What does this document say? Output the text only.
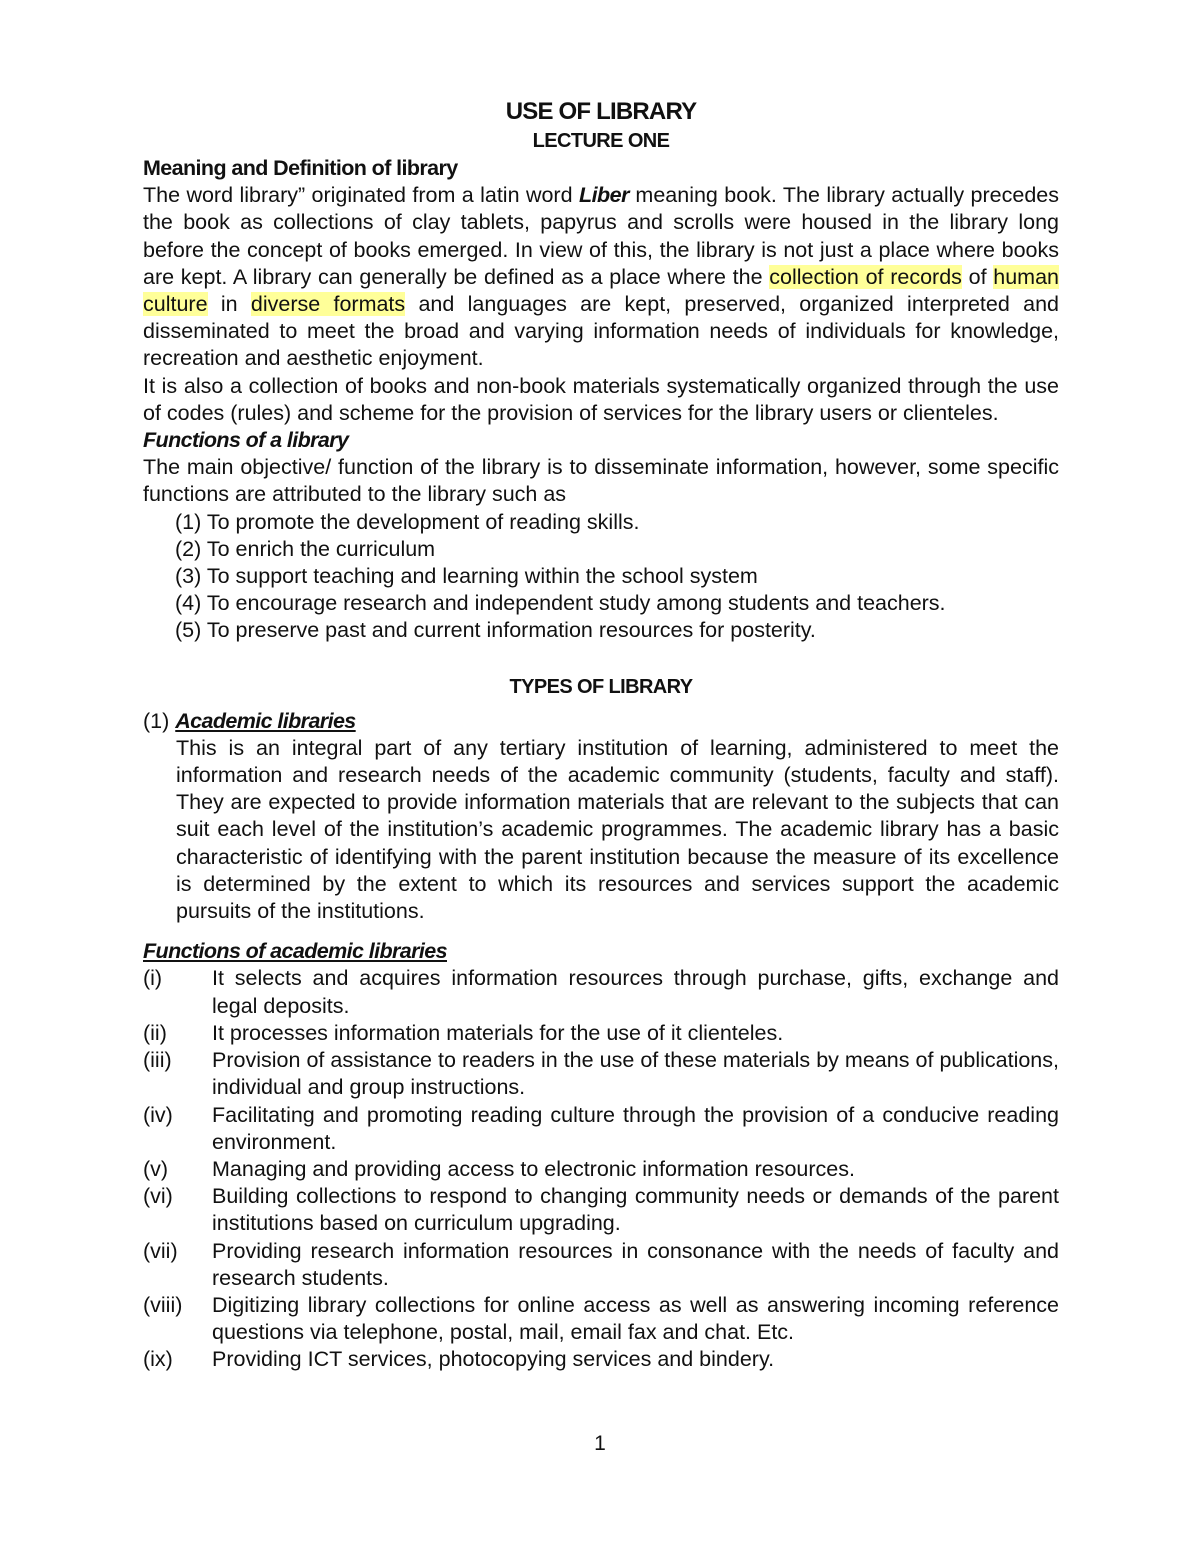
USE OF LIBRARY
LECTURE ONE
Meaning and Definition of library
The word library” originated from a latin word Liber meaning book. The library actually precedes the book as collections of clay tablets, papyrus and scrolls were housed in the library long before the concept of books emerged. In view of this, the library is not just a place where books are kept. A library can generally be defined as a place where the collection of records of human culture in diverse formats and languages are kept, preserved, organized interpreted and disseminated to meet the broad and varying information needs of individuals for knowledge, recreation and aesthetic enjoyment.
It is also a collection of books and non-book materials systematically organized through the use of codes (rules) and scheme for the provision of services for the library users or clienteles.
Functions of a library
The main objective/ function of the library is to disseminate information, however, some specific functions are attributed to the library such as
(1) To promote the development of reading skills.
(2) To enrich the curriculum
(3) To support teaching and learning within the school system
(4) To encourage research and independent study among students and teachers.
(5) To preserve past and current information resources for posterity.
TYPES OF LIBRARY
(1) Academic libraries
This is an integral part of any tertiary institution of learning, administered to meet the information and research needs of the academic community (students, faculty and staff). They are expected to provide information materials that are relevant to the subjects that can suit each level of the institution’s academic programmes. The academic library has a basic characteristic of identifying with the parent institution because the measure of its excellence is determined by the extent to which its resources and services support the academic pursuits of the institutions.
Functions of academic libraries
(i)	It selects and acquires information resources through purchase, gifts, exchange and legal deposits.
(ii)	It processes information materials for the use of it clienteles.
(iii)	Provision of assistance to readers in the use of these materials by means of publications, individual and group instructions.
(iv)	Facilitating and promoting reading culture through the provision of a conducive reading environment.
(v)	Managing and providing access to electronic information resources.
(vi)	Building collections to respond to changing community needs or demands of the parent institutions based on curriculum upgrading.
(vii)	Providing research information resources in consonance with the needs of faculty and research students.
(viii)	Digitizing library collections for online access as well as answering incoming reference questions via telephone, postal, mail, email fax and chat. Etc.
(ix)	Providing ICT services, photocopying services and bindery.
1
